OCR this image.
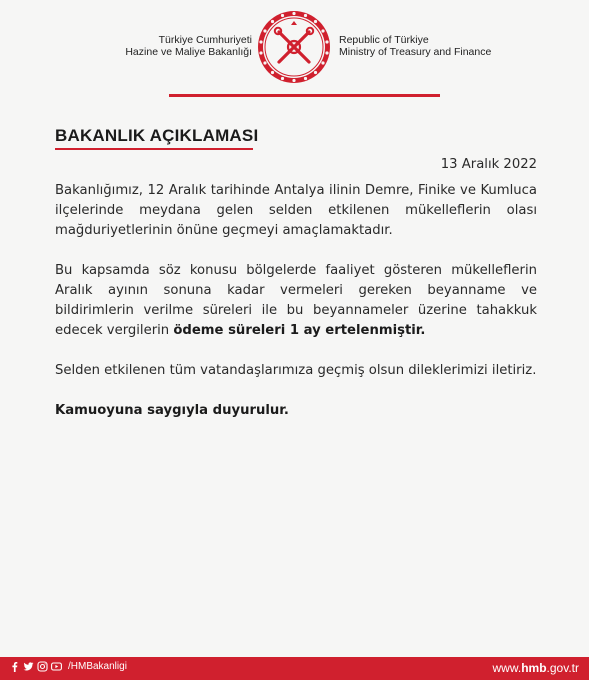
Türkiye Cumhuriyeti
Hazine ve Maliye Bakanlığı
Republic of Türkiye
Ministry of Treasury and Finance
BAKANLIK AÇIKLAMASI
13 Aralık 2022

Bakanlığımız, 12 Aralık tarihinde Antalya ilinin Demre, Finike ve Kumluca ilçelerinde meydana gelen selden etkilenen mükelleflerin olası mağduriyetlerinin önüne geçmeyi amaçlamaktadır.

Bu kapsamda söz konusu bölgelerde faaliyet gösteren mükelleflerin Aralık ayının sonuna kadar vermeleri gereken beyanname ve bildirimlerin verilme süreleri ile bu beyannameler üzerine tahakkuk edecek vergilerin ödeme süreleri 1 ay ertelenmiştir.

Selden etkilenen tüm vatandaşlarımıza geçmiş olsun dileklerimizi iletiriz.

Kamuoyuna saygıyla duyurulur.

/HMBakanligi	www.hmb.gov.tr
